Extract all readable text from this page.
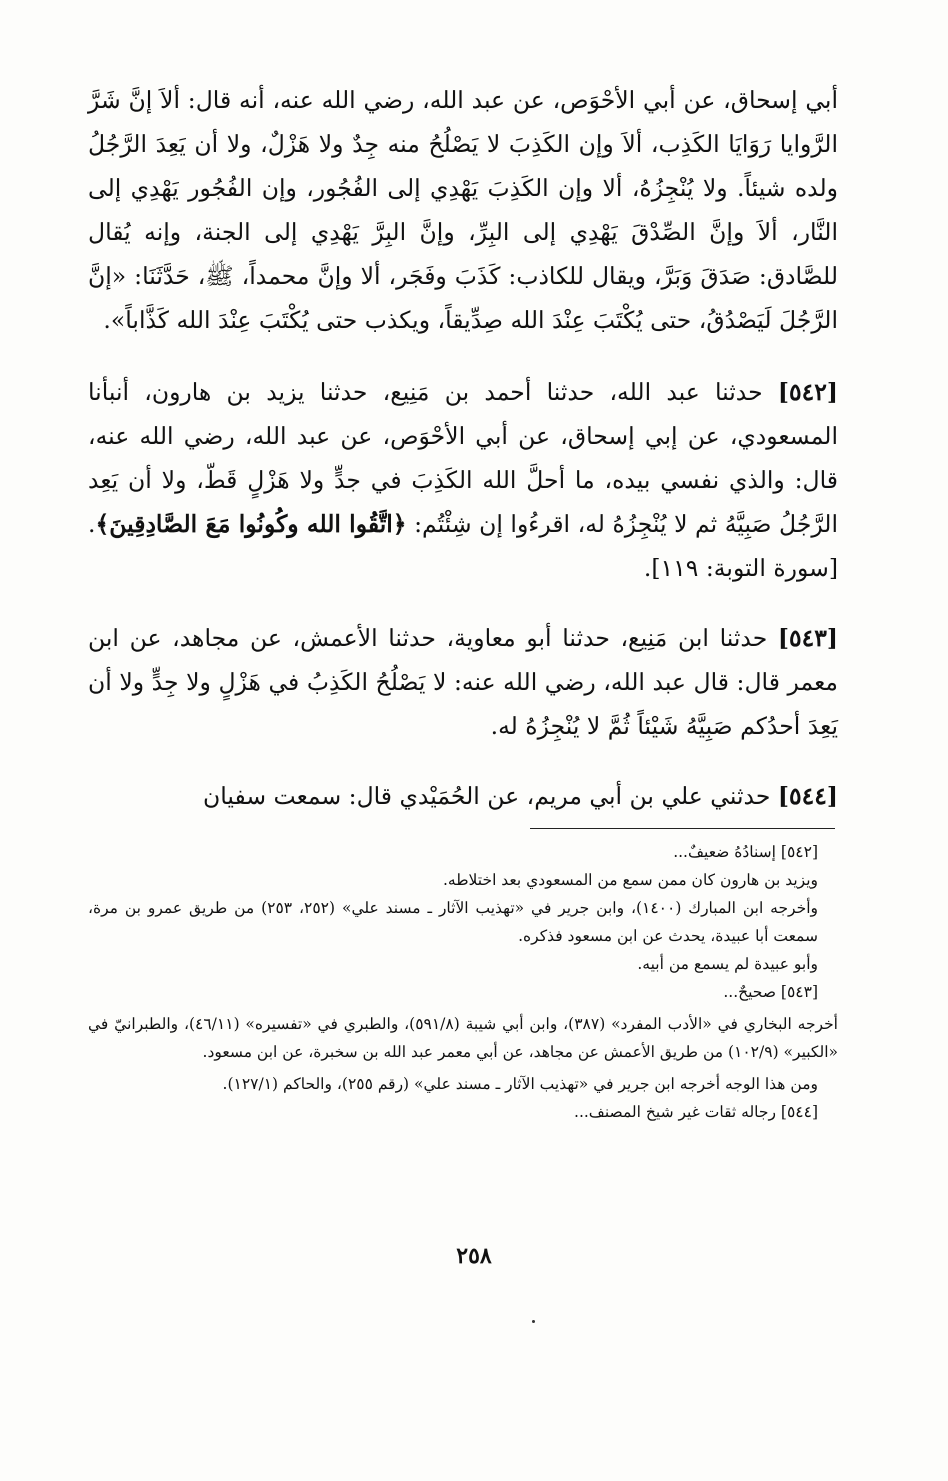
أبي إسحاق، عن أبي الأحْوَص، عن عبد الله، رضي الله عنه، أنه قال: ألاَ إنَّ شَرَّ الرَّوايا رَوَايَا الكَذِب، ألاَ وإن الكَذِبَ لا يَصْلُحُ منه جِدٌ ولا هَزْلٌ، ولا أن يَعِدَ الرَّجُلُ ولده شيئاً. ولا يُنْجِزُهُ، ألا وإن الكَذِبَ يَهْدِي إلى الفُجُور، وإن الفُجُور يَهْدِي إلى النَّار، ألاَ وإنَّ الصِّدْقَ يَهْدِي إلى البِرِّ، وإنَّ البِرَّ يَهْدِي إلى الجنة، وإنه يُقال للصَّادق: صَدَقَ وَبَرَّ، ويقال للكاذب: كَذَبَ وفَجَر، ألا وإنَّ محمداً، ﷺ، حَدَّثَنَا: «إنَّ الرَّجُلَ لَيَصْدُقُ، حتى يُكْتَبَ عِنْدَ الله صِدِّيقاً، ويكذب حتى يُكْتَبَ عِنْدَ الله كَذَّاباً».

[٥٤٢] حدثنا عبد الله، حدثنا أحمد بن مَنِيع، حدثنا يزيد بن هارون، أنبأنا المسعودي، عن إبي إسحاق، عن أبي الأحْوَص، عن عبد الله، رضي الله عنه، قال: والذي نفسي بيده، ما أحلَّ الله الكَذِبَ في جدٍّ ولا هَزْلٍ قَطّ، ولا أن يَعِد الرَّجُلُ صَبِيَّهُ ثم لا يُنْجِزُهُ له، اقرءُوا إن شِئْتُم: ﴿اتَّقُوا الله وكُونُوا مَعَ الصَّادِقِينَ﴾. [سورة التوبة: ١١٩].

[٥٤٣] حدثنا ابن مَنِيع، حدثنا أبو معاوية، حدثنا الأعمش، عن مجاهد، عن ابن معمر قال: قال عبد الله، رضي الله عنه: لا يَصْلُحُ الكَذِبُ في هَزْلٍ ولا جِدٍّ ولا أن يَعِدَ أحدُكم صَبِيَّهُ شَيْئاً ثُمَّ لا يُنْجِزُهُ له.

[٥٤٤] حدثني علي بن أبي مريم، عن الحُمَيْدي قال: سمعت سفيان

[٥٤٢] إسنادُهُ ضعيفٌ...

ويزيد بن هارون كان ممن سمع من المسعودي بعد اختلاطه.

وأخرجه ابن المبارك (١٤٠٠)، وابن جرير في «تهذيب الآثار ـ مسند علي» (٢٥٢، ٢٥٣) من طريق عمرو بن مرة، سمعت أبا عبيدة، يحدث عن ابن مسعود فذكره.

وأبو عبيدة لم يسمع من أبيه.

[٥٤٣] صحيحٌ...

أخرجه البخاري في «الأدب المفرد» (٣٨٧)، وابن أبي شيبة (٥٩١/٨)، والطبري في «تفسيره» (٤٦/١١)، والطبرانيّ في «الكبير» (١٠٢/٩) من طريق الأعمش عن مجاهد، عن أبي معمر عبد الله بن سخبرة، عن ابن مسعود.

ومن هذا الوجه أخرجه ابن جرير في «تهذيب الآثار ـ مسند علي» (رقم ٢٥٥)، والحاكم (١٢٧/١).

[٥٤٤] رجاله ثقات غير شيخ المصنف...

٢٥٨
